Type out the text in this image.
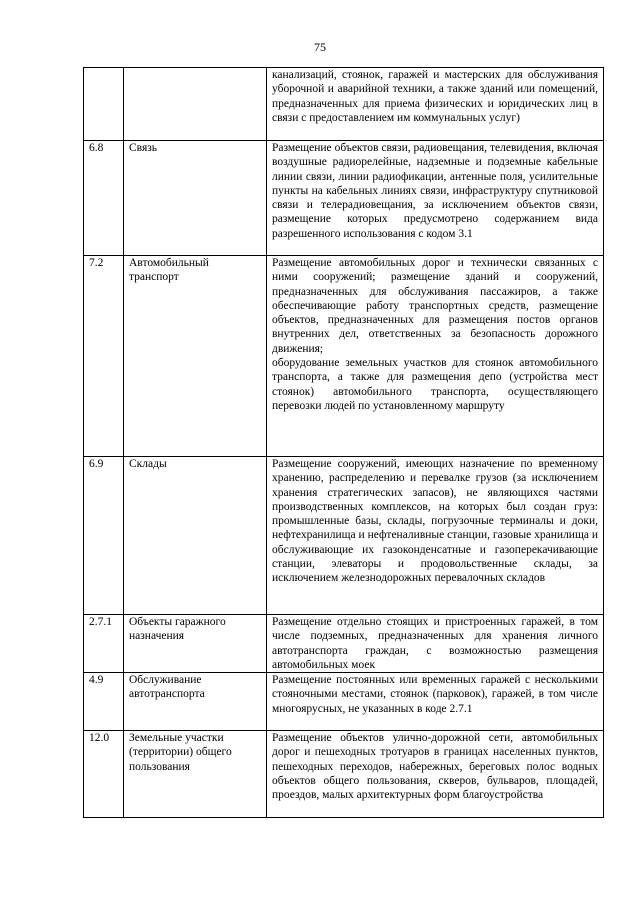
75

		канализаций, стоянок, гаражей и мастерских для обслуживания уборочной и аварийной техники, а также зданий или помещений, предназначенных для приема физических и юридических лиц в связи с предоставлением им коммунальных услуг)

6.8	Связь	Размещение объектов связи, радиовещания, телевидения, включая воздушные радиорелейные, надземные и подземные кабельные линии связи, линии радиофикации, антенные поля, усилительные пункты на кабельных линиях связи, инфраструктуру спутниковой связи и телерадиовещания, за исключением объектов связи, размещение которых предусмотрено содержанием вида разрешенного использования с кодом 3.1

7.2	Автомобильный транспорт	Размещение автомобильных дорог и технически связанных с ними сооружений; размещение зданий и сооружений, предназначенных для обслуживания пассажиров, а также обеспечивающие работу транспортных средств, размещение объектов, предназначенных для размещения постов органов внутренних дел, ответственных за безопасность дорожного движения;
оборудование земельных участков для стоянок автомобильного транспорта, а также для размещения депо (устройства мест стоянок) автомобильного транспорта, осуществляющего перевозки людей по установленному маршруту

6.9	Склады	Размещение сооружений, имеющих назначение по временному хранению, распределению и перевалке грузов (за исключением хранения стратегических запасов), не являющихся частями производственных комплексов, на которых был создан груз: промышленные базы, склады, погрузочные терминалы и доки, нефтехранилища и нефтеналивные станции, газовые хранилища и обслуживающие их газоконденсатные и газоперекачивающие станции, элеваторы и продовольственные склады, за исключением железнодорожных перевалочных складов

2.7.1	Объекты гаражного назначения	Размещение отдельно стоящих и пристроенных гаражей, в том числе подземных, предназначенных для хранения личного автотранспорта граждан, с возможностью размещения автомобильных моек

4.9	Обслуживание автотранспорта	Размещение постоянных или временных гаражей с несколькими стояночными местами, стоянок (парковок), гаражей, в том числе многоярусных, не указанных в коде 2.7.1

12.0	Земельные участки (территории) общего пользования	Размещение объектов улично-дорожной сети, автомобильных дорог и пешеходных тротуаров в границах населенных пунктов, пешеходных переходов, набережных, береговых полос водных объектов общего пользования, скверов, бульваров, площадей, проездов, малых архитектурных форм благоустройства
